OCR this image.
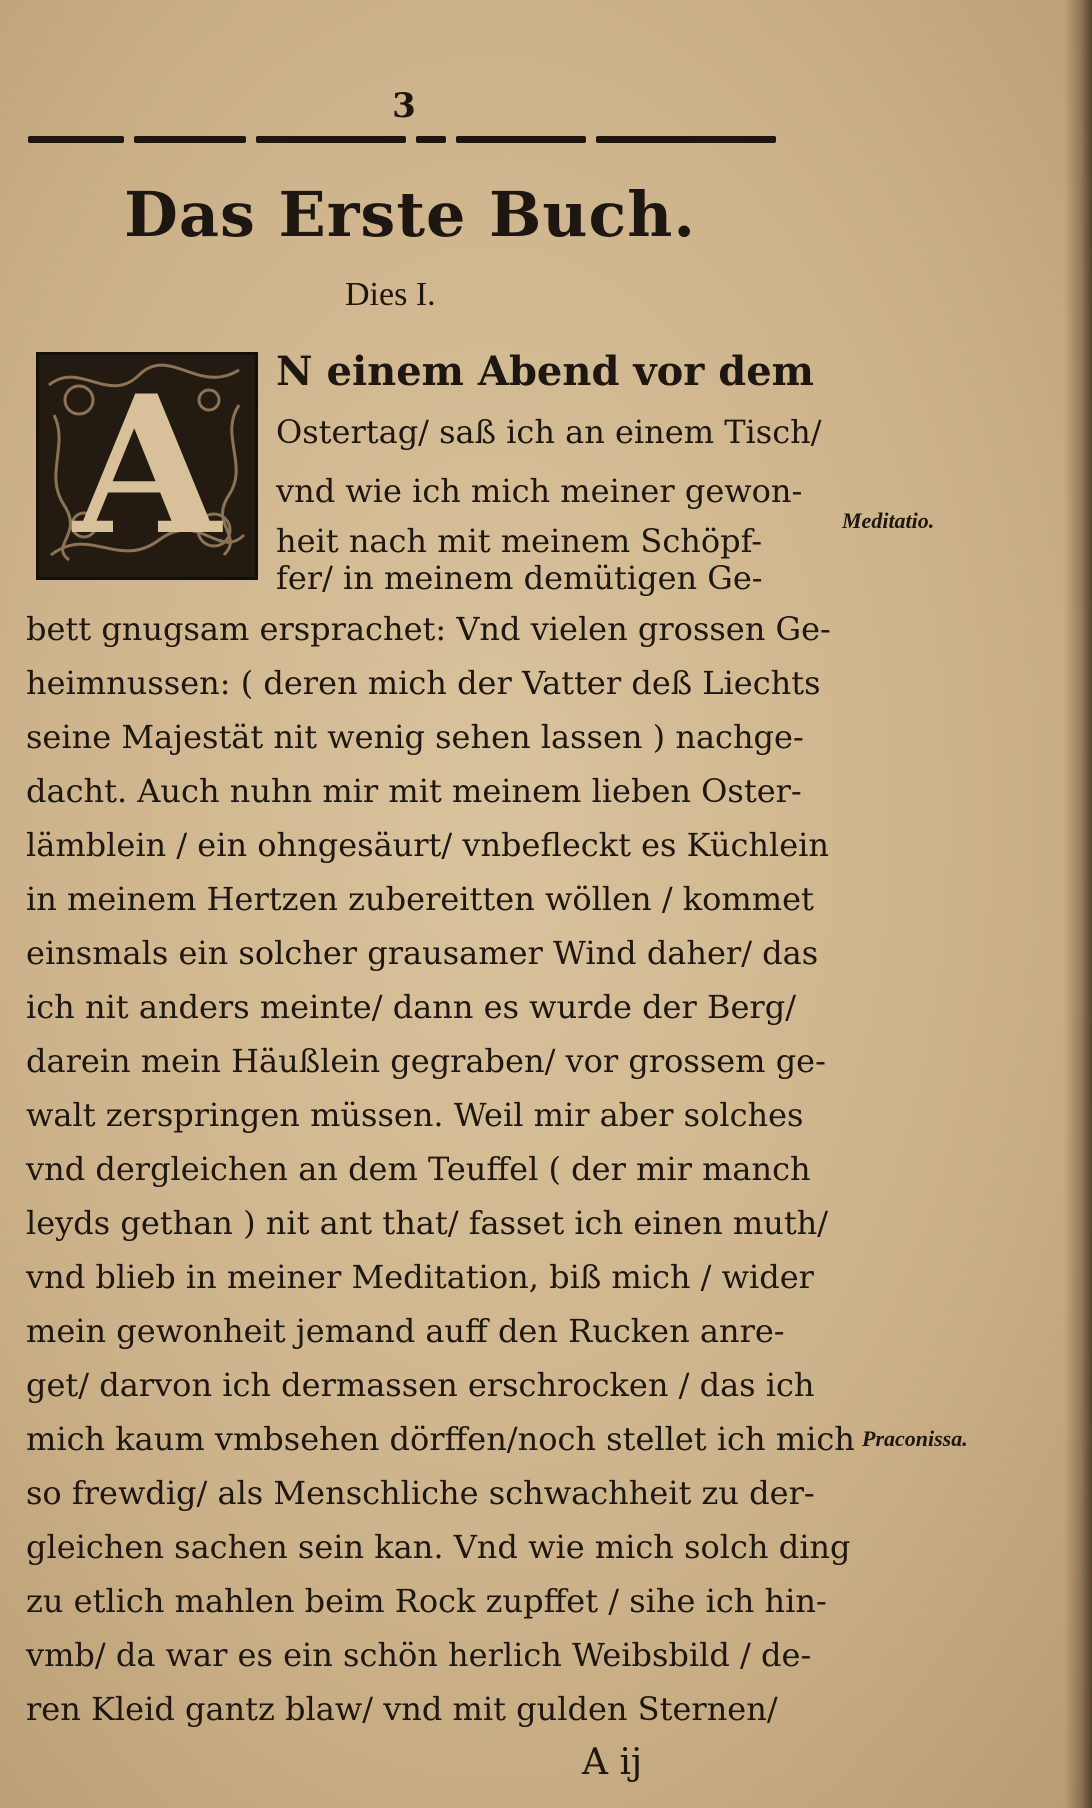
3
Das Erste Buch.
Dies I.
A N einem Abend vor dem
Ostertag/ saß ich an einem Tisch/
vnd wie ich mich meiner gewon-
heit nach mit meinem Schöpf-
fer/ in meinem demütigen Ge-
bett gnugsam ersprachet: Vnd vielen grossen Ge-
heimnussen: ( deren mich der Vatter deß Liechts
seine Majestät nit wenig sehen lassen ) nachge-
dacht. Auch nuhn mir mit meinem lieben Oster-
lämblein / ein ohngesäurt/ vnbefleckt es Küchlein
in meinem Hertzen zubereitten wöllen / kommet
einsmals ein solcher grausamer Wind daher/ das
ich nit anders meinte/ dann es wurde der Berg/
darein mein Häußlein gegraben/ vor grossem ge-
walt zerspringen müssen. Weil mir aber solches
vnd dergleichen an dem Teuffel ( der mir manch
leyds gethan ) nit ant that/ fasset ich einen muth/
vnd blieb in meiner Meditation, biß mich / wider
mein gewonheit jemand auff den Rucken anre-
get/ darvon ich dermassen erschrocken / das ich
mich kaum vmbsehen dörffen/noch stellet ich mich
so frewdig/ als Menschliche schwachheit zu der-
gleichen sachen sein kan. Vnd wie mich solch ding
zu etlich mahlen beim Rock zupffet / sihe ich hin-
vmb/ da war es ein schön herlich Weibsbild / de-
ren Kleid gantz blaw/ vnd mit gulden Sternen/
Meditatio.
Praconissa.
A ij
